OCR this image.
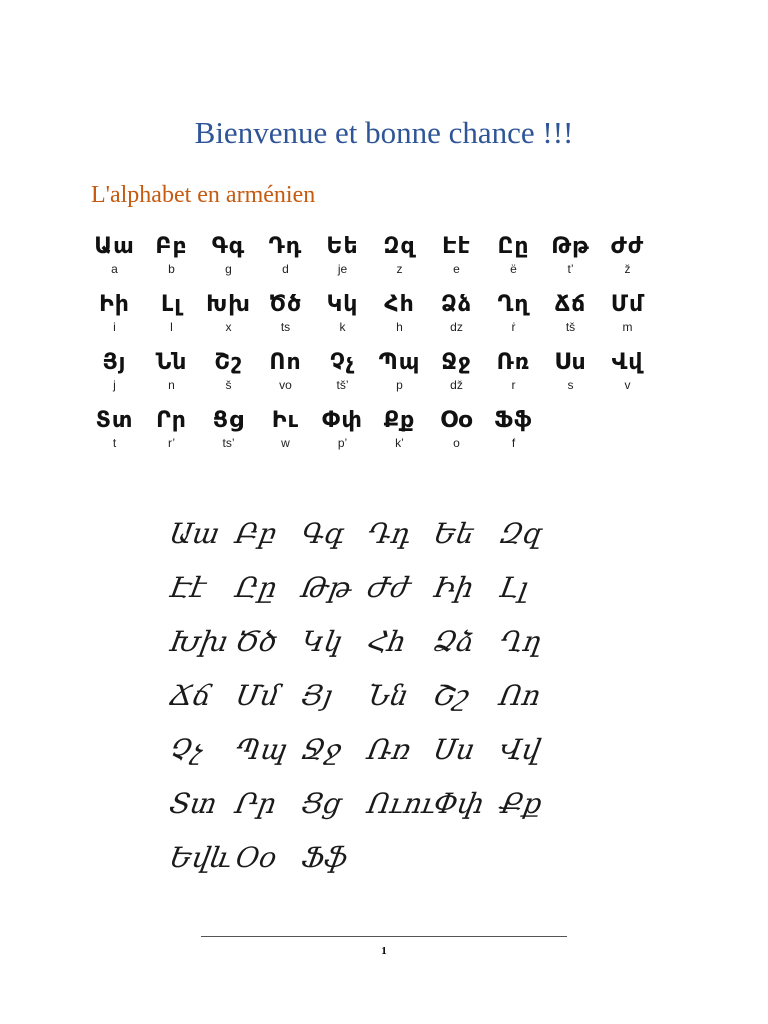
Bienvenue et bonne chance !!!
L'alphabet en arménien
Աա
a
Բբ
b
Գգ
g
Դդ
d
Եե
je
Զզ
z
Էէ
e
Ըը
ë
Թթ
t’
Ժժ
ž
Իի
i
Լլ
l
Խխ
x
Ծծ
ts
Կկ
k
Հհ
h
Ձձ
dz
Ղղ
ṙ
Ճճ
tš
Մմ
m
Յյ
j
Նն
n
Շշ
š
Ոո
vo
Չչ
tš’
Պպ
p
Ջջ
dž
Ռռ
r
Սս
s
Վվ
v
Տտ
t
Րր
r’
Ցց
ts’
Իւ
w
Փփ
p’
Քք
k’
Օօ
o
Ֆֆ
f
Աա Բբ Գգ Դդ Եե Զզ
Էէ Ըը Թթ Ժժ Իի Լլ
Խխ Ծծ Կկ Հհ Ձձ Ղղ
Ճճ Մմ Յյ	Նն Շշ Ոո
Չչ Պպ Ջջ Ռռ Սս Վվ
Տտ Րր Ցց Ուու
Փփ Քք
Եվև
Օօ Ֆֆ
1
